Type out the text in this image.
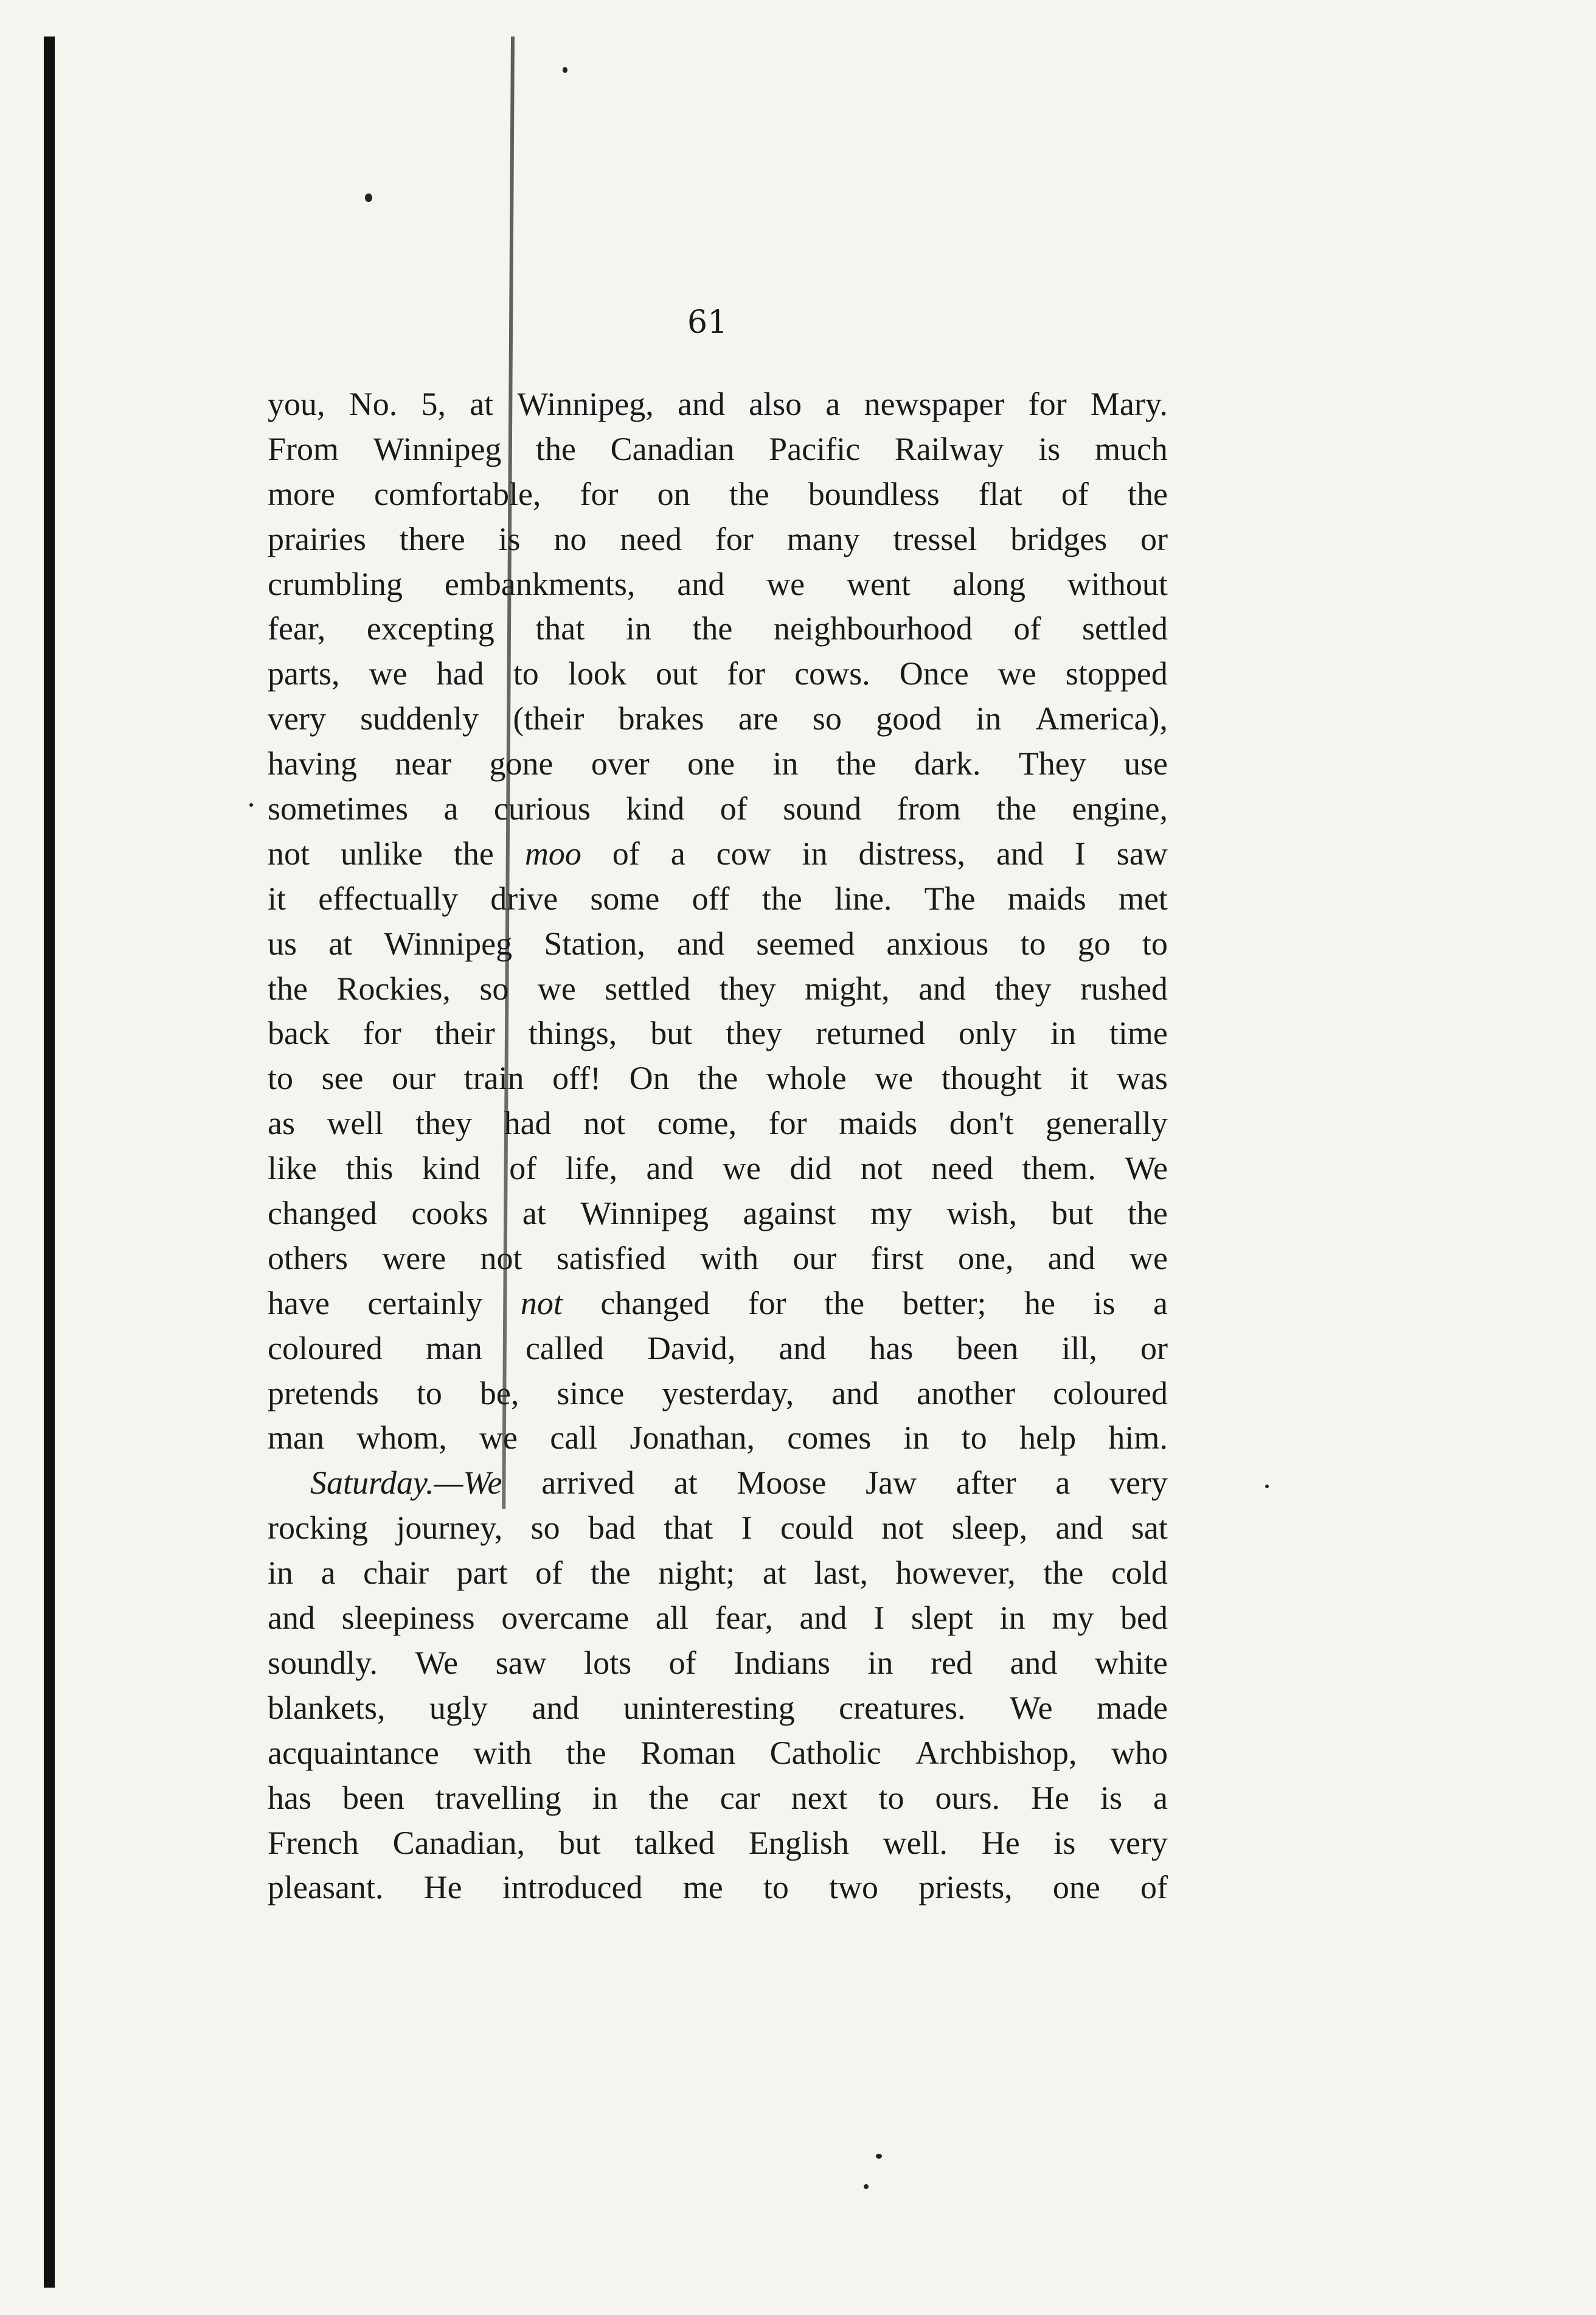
61
you, No. 5, at Winnipeg, and also a newspaper for Mary.
From Winnipeg the Canadian Pacific Railway is much
more comfortable, for on the boundless flat of the
prairies there is no need for many tressel bridges or
crumbling embankments, and we went along without
fear, excepting that in the neighbourhood of settled
parts, we had to look out for cows. Once we stopped
very suddenly (their brakes are so good in America),
having near gone over one in the dark. They use
sometimes a curious kind of sound from the engine,
not unlike the moo of a cow in distress, and I saw
it effectually drive some off the line. The maids met
us at Winnipeg Station, and seemed anxious to go to
the Rockies, so we settled they might, and they rushed
back for their things, but they returned only in time
to see our train off! On the whole we thought it was
as well they had not come, for maids don't generally
like this kind of life, and we did not need them. We
changed cooks at Winnipeg against my wish, but the
others were not satisfied with our first one, and we
have certainly not changed for the better; he is a
coloured man called David, and has been ill, or
pretends to be, since yesterday, and another coloured
man whom, we call Jonathan, comes in to help him.
Saturday.—We arrived at Moose Jaw after a very
rocking journey, so bad that I could not sleep, and sat
in a chair part of the night; at last, however, the cold
and sleepiness overcame all fear, and I slept in my bed
soundly. We saw lots of Indians in red and white
blankets, ugly and uninteresting creatures. We made
acquaintance with the Roman Catholic Archbishop, who
has been travelling in the car next to ours. He is a
French Canadian, but talked English well. He is very
pleasant. He introduced me to two priests, one of
